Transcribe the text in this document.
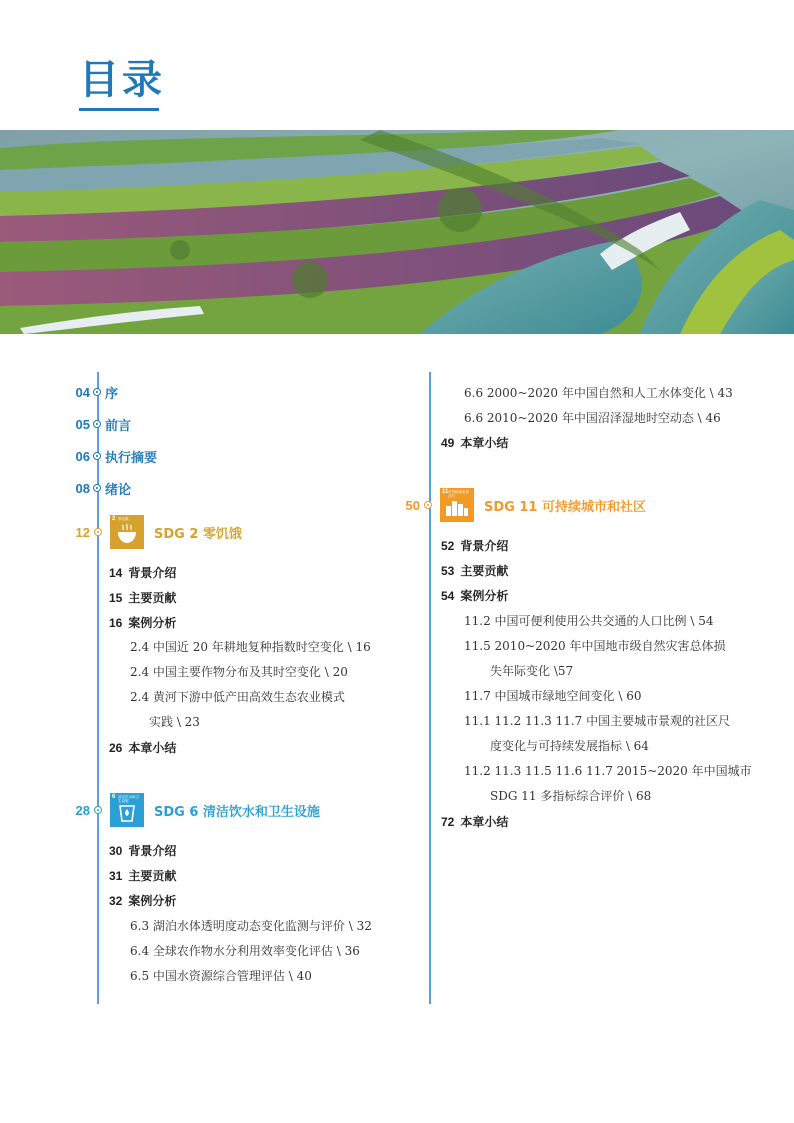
目录
04 序
05 前言
06 执行摘要
08 绪论
12
2 零饥饿
SDG 2 零饥饿
14 背景介绍
15 主要贡献
16 案例分析
2.4 中国近 20 年耕地复种指数时空变化 \ 16
2.4 中国主要作物分布及其时空变化 \ 20
2.4 黄河下游中低产田高效生态农业模式
实践 \ 23
26 本章小结
28
6 清洁饮水和卫生设施
SDG 6 清洁饮水和卫生设施
30 背景介绍
31 主要贡献
32 案例分析
6.3 湖泊水体透明度动态变化监测与评价 \ 32
6.4 全球农作物水分利用效率变化评估 \ 36
6.5 中国水资源综合管理评估 \ 40
6.6 2000~2020 年中国自然和人工水体变化 \ 43
6.6 2010~2020 年中国沼泽湿地时空动态 \ 46
49 本章小结
50
11 可持续城市和社区
SDG 11 可持续城市和社区
52 背景介绍
53 主要贡献
54 案例分析
11.2 中国可便利使用公共交通的人口比例 \ 54
11.5 2010~2020 年中国地市级自然灾害总体损
失年际变化 \57
11.7 中国城市绿地空间变化 \ 60
11.1 11.2 11.3 11.7 中国主要城市景观的社区尺
度变化与可持续发展指标 \ 64
11.2 11.3 11.5 11.6 11.7 2015~2020 年中国城市
SDG 11 多指标综合评价 \ 68
72 本章小结
